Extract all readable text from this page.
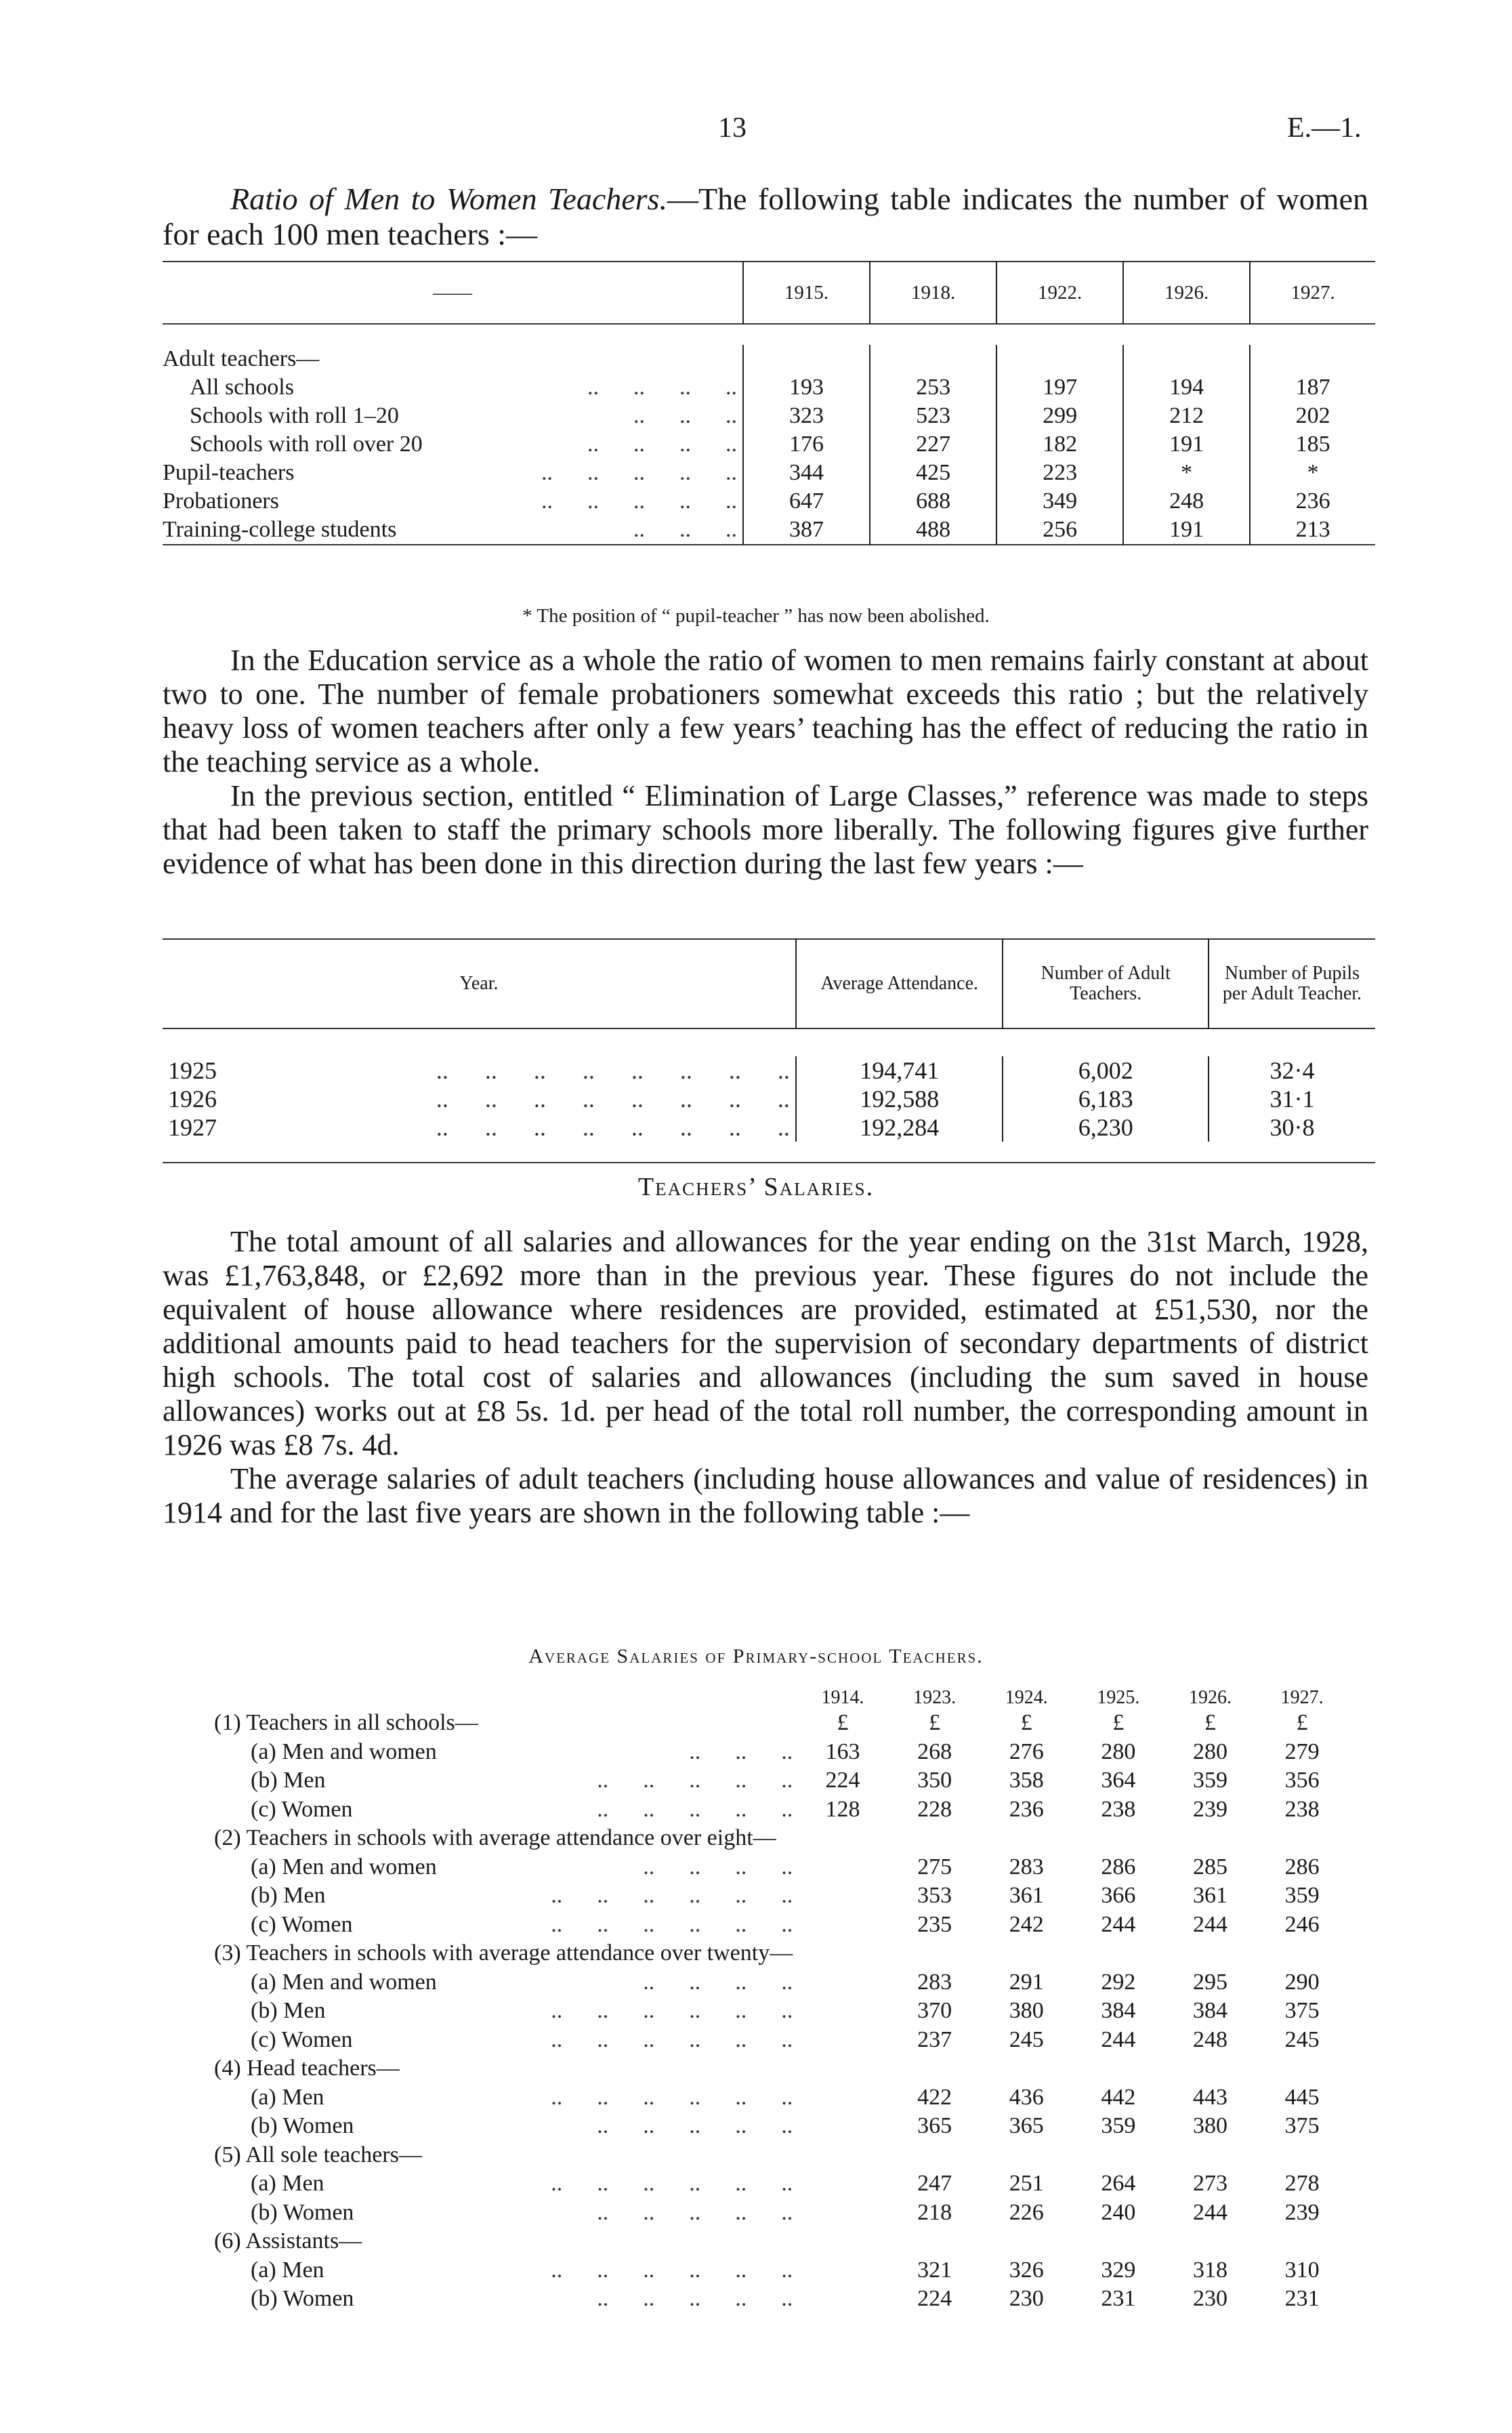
13	E.—1.

Ratio of Men to Women Teachers.—The following table indicates the number of women for each 100 men teachers :—

——	1915.	1918.	1922.	1926.	1927.

Adult teachers—

All schools ..      ..      ..      ..	193	253	197	194	187
Schools with roll 1–20 ..      ..      ..	323	523	299	212	202
Schools with roll over 20 ..      ..      ..      ..	176	227	182	191	185
Pupil-teachers ..      ..      ..      ..      ..	344	425	223	*	*
Probationers ..      ..      ..      ..      ..	647	688	349	248	236
Training-college students ..      ..      ..	387	488	256	191	213

* The position of “ pupil-teacher ” has now been abolished.

In the Education service as a whole the ratio of women to men remains fairly constant at about two to one. The number of female probationers somewhat exceeds this ratio ; but the relatively heavy loss of women teachers after only a few years’ teaching has the effect of reducing the ratio in the teaching service as a whole.

In the previous section, entitled “ Elimination of Large Classes,” reference was made to steps that had been taken to staff the primary schools more liberally. The following figures give further evidence of what has been done in this direction during the last few years :—

Year.	Average Attendance.	Number of Adult Teachers.	Number of Pupils per Adult Teacher.

1925 ..      ..      ..      ..      ..      ..      ..      ..	194,741	6,002	32·4
1926 ..      ..      ..      ..      ..      ..      ..      ..	192,588	6,183	31·1
1927 ..      ..      ..      ..      ..      ..      ..      ..	192,284	6,230	30·8

Teachers’ Salaries.

The total amount of all salaries and allowances for the year ending on the 31st March, 1928, was £1,763,848, or £2,692 more than in the previous year. These figures do not include the equivalent of house allowance where residences are provided, estimated at £51,530, nor the additional amounts paid to head teachers for the supervision of secondary departments of district high schools. The total cost of salaries and allowances (including the sum saved in house allowances) works out at £8 5s. 1d. per head of the total roll number, the corresponding amount in 1926 was £8 7s. 4d.

The average salaries of adult teachers (including house allowances and value of residences) in 1914 and for the last five years are shown in the following table :—

Average Salaries of Primary-school Teachers.
	1914.	1923.	1924.	1925.	1926.	1927.
(1) Teachers in all schools—	£	£	£	£	£	£
(a) Men and women ..      ..      ..	163	268	276	280	280	279
(b) Men ..      ..      ..      ..      ..	224	350	358	364	359	356
(c) Women ..      ..      ..      ..      ..	128	228	236	238	239	238
(2) Teachers in schools with average attendance over eight—						
(a) Men and women ..      ..      ..      ..		275	283	286	285	286
(b) Men ..      ..      ..      ..      ..      ..		353	361	366	361	359
(c) Women ..      ..      ..      ..      ..      ..		235	242	244	244	246
(3) Teachers in schools with average attendance over twenty—						
(a) Men and women ..      ..      ..      ..		283	291	292	295	290
(b) Men ..      ..      ..      ..      ..      ..		370	380	384	384	375
(c) Women ..      ..      ..      ..      ..      ..		237	245	244	248	245
(4) Head teachers—						
(a) Men ..      ..      ..      ..      ..      ..		422	436	442	443	445
(b) Women ..      ..      ..      ..      ..		365	365	359	380	375
(5) All sole teachers—						
(a) Men ..      ..      ..      ..      ..      ..		247	251	264	273	278
(b) Women ..      ..      ..      ..      ..		218	226	240	244	239
(6) Assistants—						
(a) Men ..      ..      ..      ..      ..      ..		321	326	329	318	310
(b) Women ..      ..      ..      ..      ..		224	230	231	230	231
